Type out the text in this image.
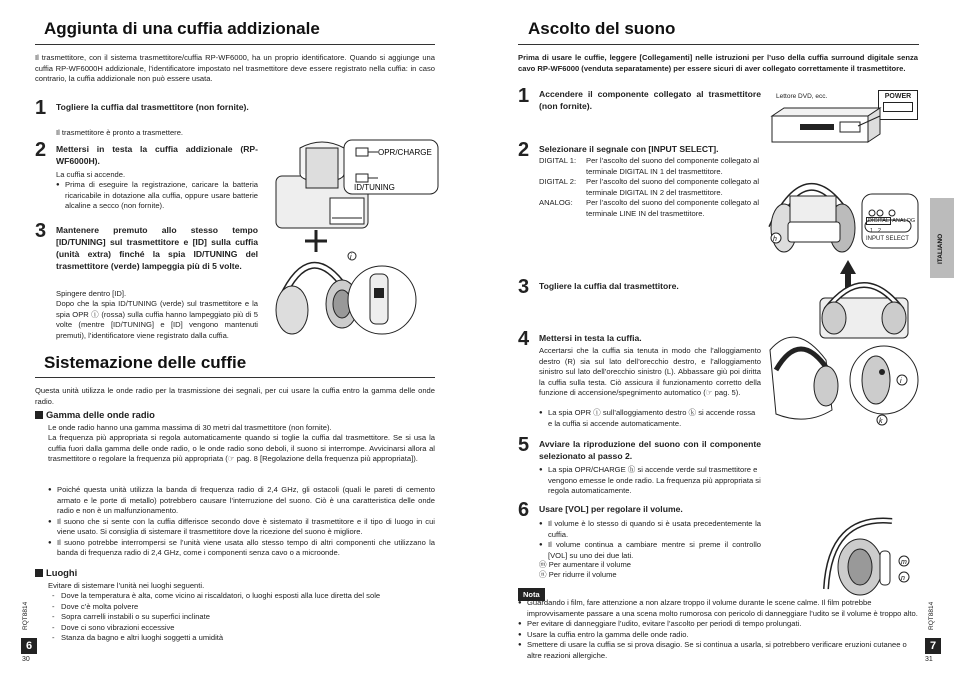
Aggiunta di una cuffia addizionale
Il trasmettitore, con il sistema trasmettitore/cuffia RP-WF6000, ha un proprio identificatore. Quando si aggiunge una cuffia RP-WF6000H addizionale, l’identificatore impostato nel trasmettitore deve essere registrato nella cuffia: in caso contrario, la cuffia addizionale non può essere usata.
1 Togliere la cuffia dal trasmettitore (non fornite).
Il trasmettitore è pronto a trasmettere.
2 Mettersi in testa la cuffia addizionale (RP-WF6000H).
La cuffia si accende.
● Prima di eseguire la registrazione, caricare la batteria ricaricabile in dotazione alla cuffia, oppure usare batterie alcaline a secco (non fornite).
3 Mantenere premuto allo stesso tempo [ID/TUNING] sul trasmettitore e [ID] sulla cuffia (unità extra) finché la spia ID/TUNING del trasmettitore (verde) lampeggia più di 5 volte.
Spingere dentro [ID].
Dopo che la spia ID/TUNING (verde) sul trasmettitore e la spia OPR ⓘ (rossa) sulla cuffia hanno lampeggiato più di 5 volte (mentre [ID/TUNING] e [ID] vengono mantenuti premuti), l’identificatore viene registrato dalla cuffia.
OPR/CHARGE
ID/TUNING
i
Sistemazione delle cuffie
Questa unità utilizza le onde radio per la trasmissione dei segnali, per cui usare la cuffia entro la gamma delle onde radio.
Gamma delle onde radio
Le onde radio hanno una gamma massima di 30 metri dal trasmettitore (non fornite).
La frequenza più appropriata si regola automaticamente quando si toglie la cuffia dal trasmettitore. Se si usa la cuffia fuori dalla gamma delle onde radio, o le onde radio sono deboli, il suono si interrompe. Avvicinarsi allora al trasmettitore o regolare la frequenza più appropriata (☞ pag. 8 [Regolazione della frequenza più appropriata]).
● Poiché questa unità utilizza la banda di frequenza radio di 2,4 GHz, gli ostacoli (quali le pareti di cemento armato e le porte di metallo) potrebbero causare l’interruzione del suono. Ciò è una caratteristica delle onde radio e non è un malfunzionamento.
● Il suono che si sente con la cuffia differisce secondo dove è sistemato il trasmettitore e il tipo di luogo in cui viene usato. Si consiglia di sistemare il trasmettitore dove la ricezione del suono è migliore.
● Il suono potrebbe interrompersi se l’unità viene usata allo stesso tempo di altri componenti che utilizzano la banda di frequenza radio di 2,4 GHz, come i componenti senza cavo o a microonde.
Luoghi
Evitare di sistemare l’unità nei luoghi seguenti.
- Dove la temperatura è alta, come vicino ai riscaldatori, o luoghi esposti alla luce diretta del sole
- Dove c’è molta polvere
- Sopra carrelli instabili o su superfici inclinate
- Dove ci sono vibrazioni eccessive
- Stanza da bagno e altri luoghi soggetti a umidità
RQT8814
6
30
Ascolto del suono
Prima di usare le cuffie, leggere [Collegamenti] nelle istruzioni per l’uso della cuffia surround digitale senza cavo RP-WF6000 (venduta separatamente) per essere sicuri di aver collegato correttamente il trasmettitore.
1 Accendere il componente collegato al trasmettitore (non fornite).
Lettore DVD, ecc.	POWER
2 Selezionare il segnale con [INPUT SELECT].
DIGITAL 1:	Per l’ascolto del suono del componente collegato al terminale DIGITAL IN 1 del trasmettitore.
DIGITAL 2:	Per l’ascolto del suono del componente collegato al terminale DIGITAL IN 2 del trasmettitore.
ANALOG:	Per l’ascolto del suono del componente collegato al terminale LINE IN del trasmettitore.
h
DIGITAL ANALOG
1 2
INPUT SELECT
3 Togliere la cuffia dal trasmettitore.
4 Mettersi in testa la cuffia.
Accertarsi che la cuffia sia tenuta in modo che l’alloggiamento destro (R) sia sul lato dell’orecchio destro, e l’alloggiamento sinistro sul lato dell’orecchio sinistro (L). Abbassare giù poi diritta la cuffia sulla testa. Ciò assicura il funzionamento corretto della funzione di accensione/spegnimento automatico (☞ pag. 5).
● La spia OPR ⓘ sull’alloggiamento destro ⓚ si accende rossa e la cuffia si accende automaticamente.
i
k
5 Avviare la riproduzione del suono con il componente selezionato al passo 2.
● La spia OPR/CHARGE ⓗ si accende verde sul trasmettitore e vengono emesse le onde radio. La frequenza più appropriata si regola automaticamente.
6 Usare [VOL] per regolare il volume.
● Il volume è lo stesso di quando si è usata precedentemente la cuffia.
● Il volume continua a cambiare mentre si preme il controllo [VOL] su uno dei due lati.
ⓜ Per aumentare il volume
ⓝ Per ridurre il volume
m
n
Nota
● Guardando i film, fare attenzione a non alzare troppo il volume durante le scene calme. Il film potrebbe improvvisamente passare a una scena molto rumorosa con pericolo di danneggiare l’udito se il volume è troppo alto.
● Per evitare di danneggiare l’udito, evitare l’ascolto per periodi di tempo prolungati.
● Usare la cuffia entro la gamma delle onde radio.
● Smettere di usare la cuffia se si prova disagio. Se si continua a usarla, si potrebbero verificare eruzioni cutanee o altre reazioni allergiche.
ITALIANO
RQT8814
7
31
